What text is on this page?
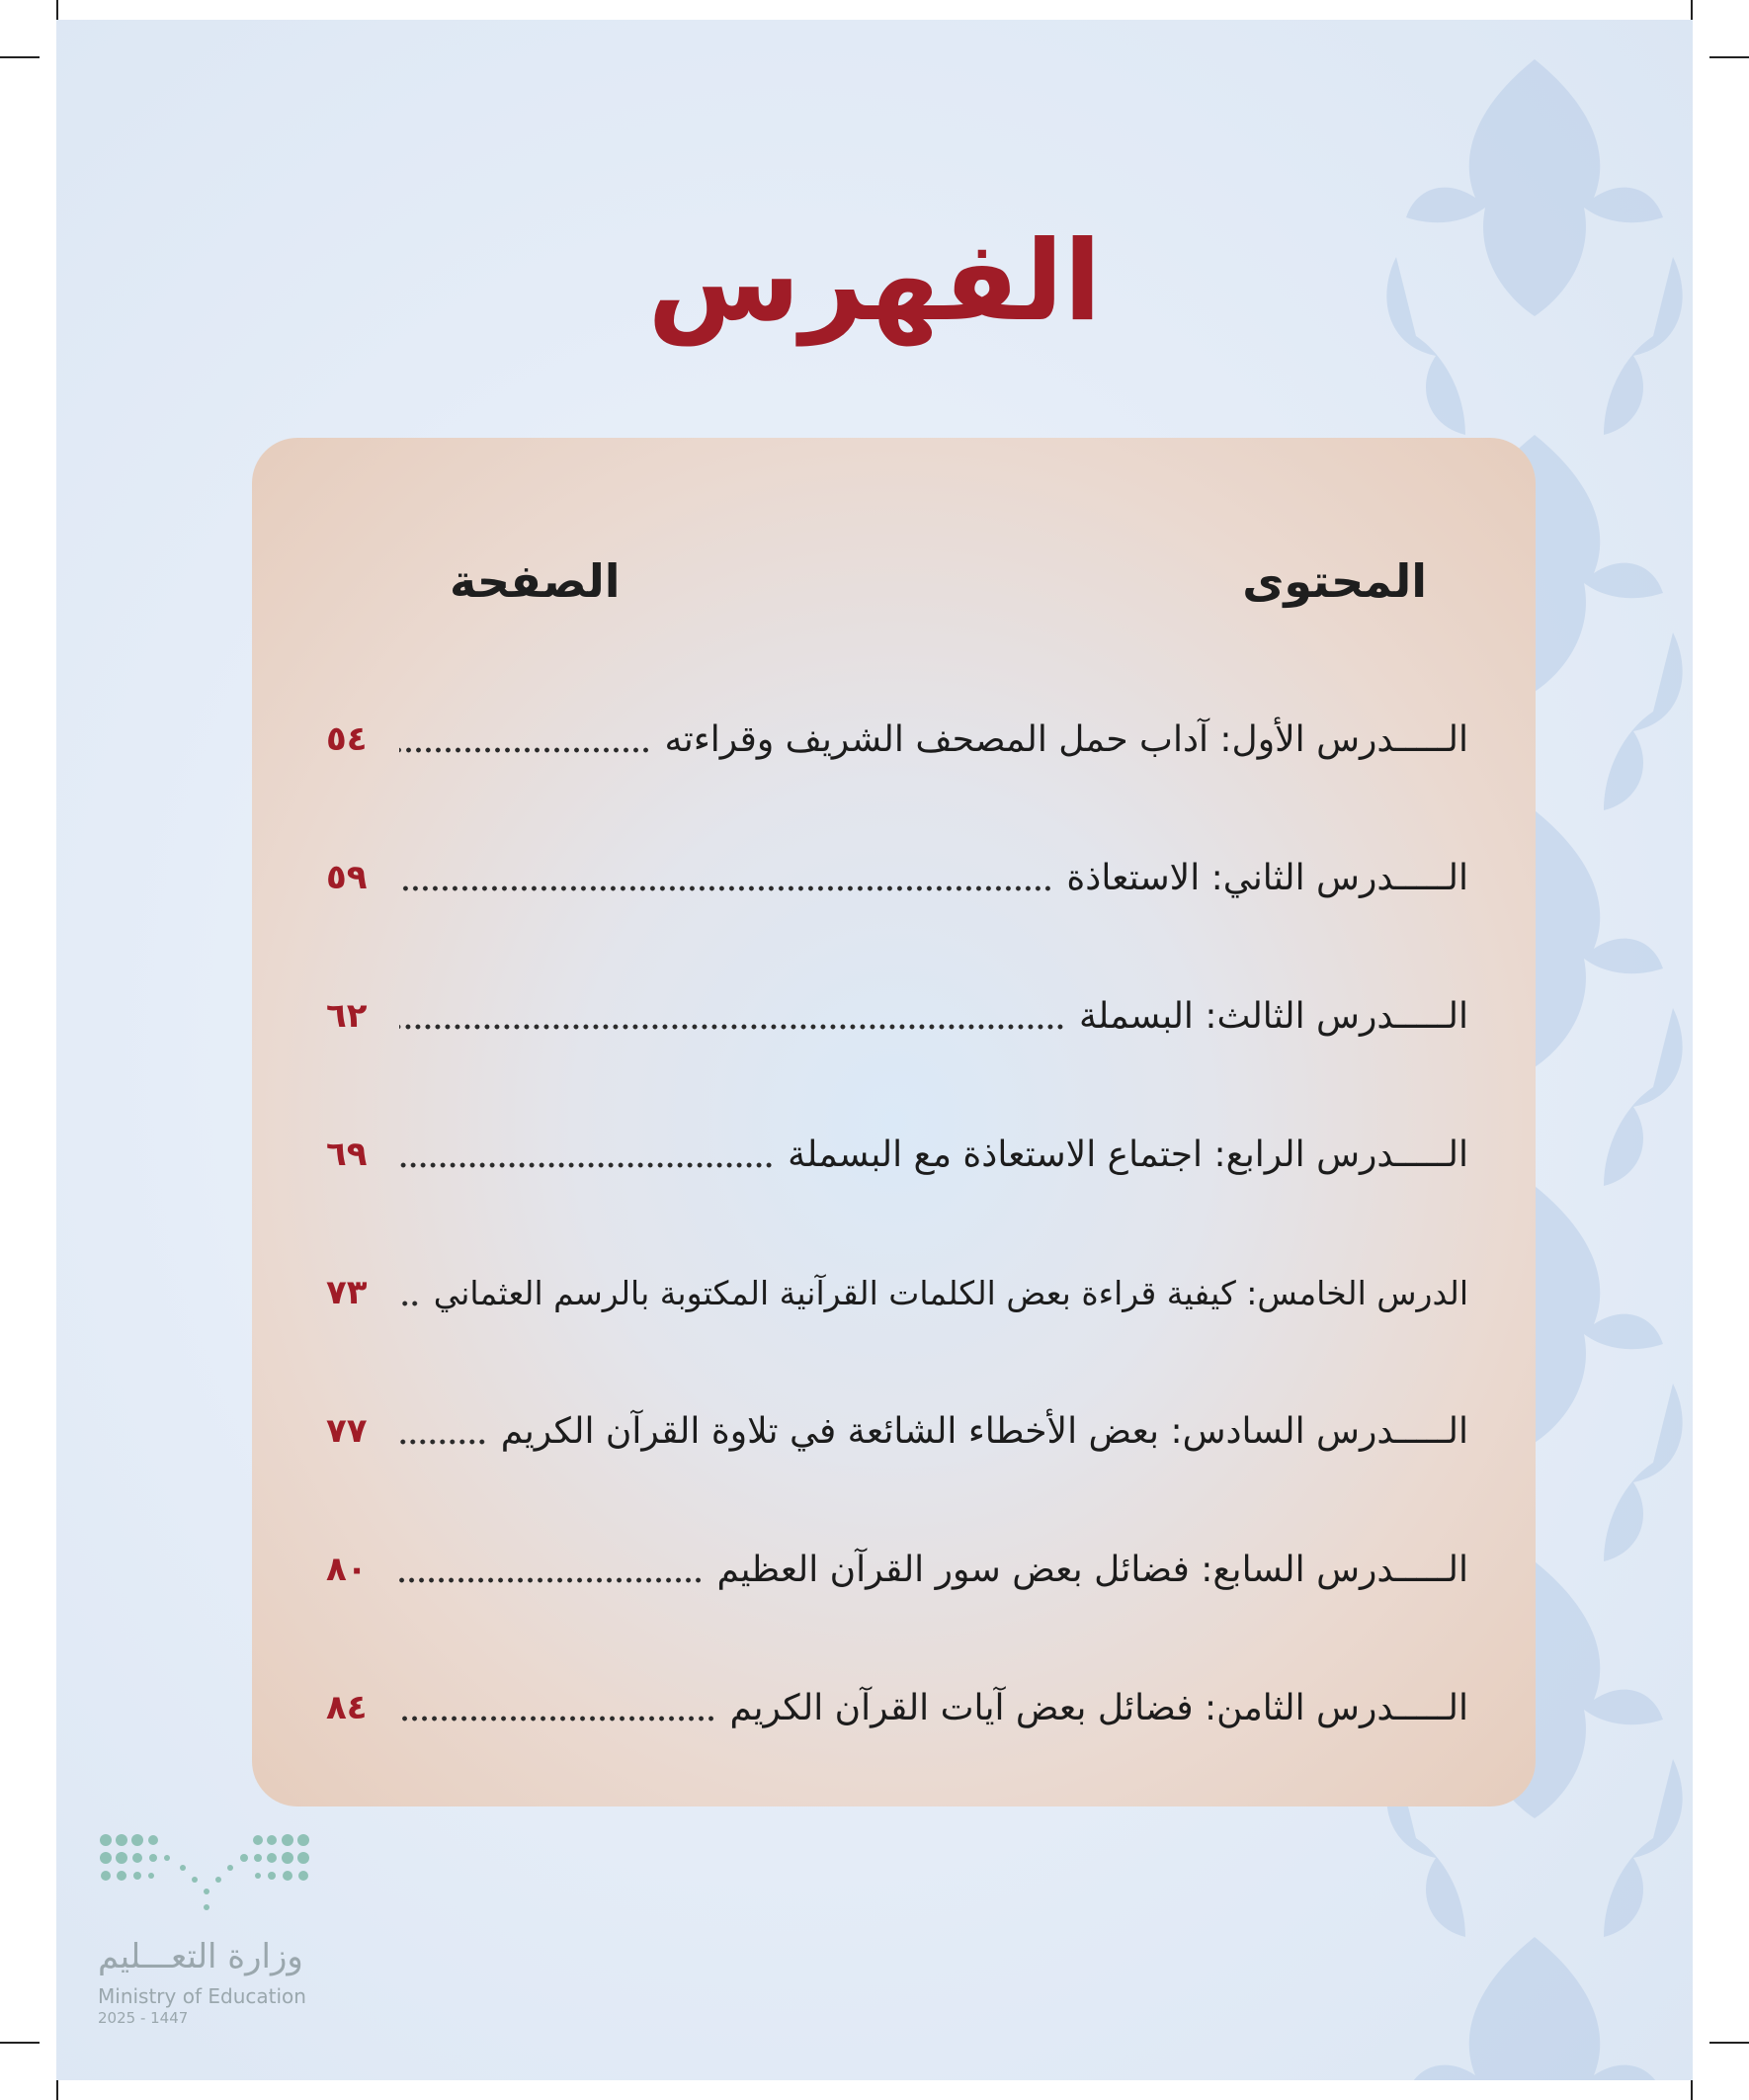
الفهرس
المحتوى
الصفحة
الـــــدرس الأول: آداب حمل المصحف الشريف وقراءته
٥٤
الـــــدرس الثاني: الاستعاذة
٥٩
الـــــدرس الثالث: البسملة
٦٢
الـــــدرس الرابع: اجتماع الاستعاذة مع البسملة
٦٩
الدرس الخامس: كيفية قراءة بعض الكلمات القرآنية المكتوبة بالرسم العثماني
٧٣
الـــــدرس السادس: بعض الأخطاء الشائعة في تلاوة القرآن الكريم
٧٧
الـــــدرس السابع: فضائل بعض سور القرآن العظيم
٨٠
الـــــدرس الثامن: فضائل بعض آيات القرآن الكريم
٨٤
وزارة التعـــليم
Ministry of Education
2025 - 1447
